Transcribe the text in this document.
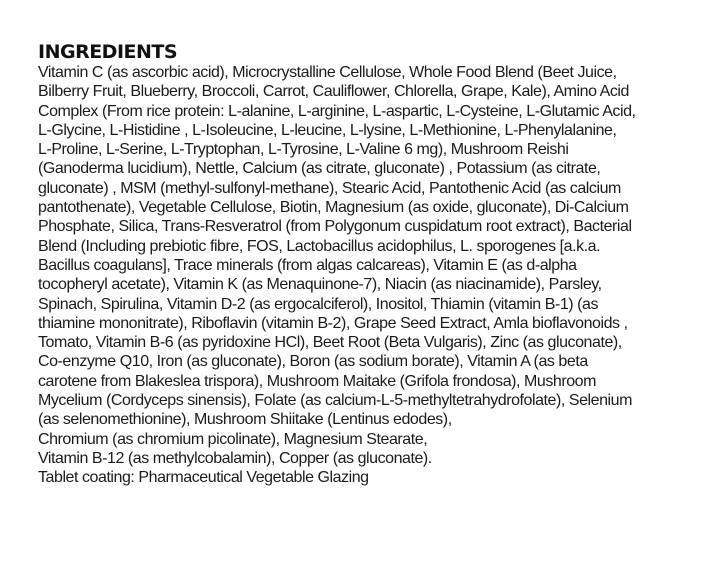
INGREDIENTS
Vitamin C (as ascorbic acid), Microcrystalline Cellulose, Whole Food Blend (Beet Juice,
Bilberry Fruit, Blueberry, Broccoli, Carrot, Cauliflower, Chlorella, Grape, Kale), Amino Acid
Complex (From rice protein: L-alanine, L-arginine, L-aspartic, L-Cysteine, L-Glutamic Acid,
L-Glycine, L-Histidine , L-Isoleucine, L-leucine, L-lysine, L-Methionine, L-Phenylalanine,
L-Proline, L-Serine, L-Tryptophan, L-Tyrosine, L-Valine 6 mg), Mushroom Reishi
(Ganoderma lucidium), Nettle, Calcium (as citrate, gluconate) , Potassium (as citrate,
gluconate) , MSM (methyl-sulfonyl-methane), Stearic Acid, Pantothenic Acid (as calcium
pantothenate), Vegetable Cellulose, Biotin, Magnesium (as oxide, gluconate), Di-Calcium
Phosphate, Silica, Trans-Resveratrol (from Polygonum cuspidatum root extract), Bacterial
Blend (Including prebiotic fibre, FOS, Lactobacillus acidophilus, L. sporogenes [a.k.a.
Bacillus coagulans], Trace minerals (from algas calcareas), Vitamin E (as d-alpha
tocopheryl acetate), Vitamin K (as Menaquinone-7), Niacin (as niacinamide), Parsley,
Spinach, Spirulina, Vitamin D-2 (as ergocalciferol), Inositol, Thiamin (vitamin B-1) (as
thiamine mononitrate), Riboflavin (vitamin B-2), Grape Seed Extract, Amla bioflavonoids ,
Tomato, Vitamin B-6 (as pyridoxine HCl), Beet Root (Beta Vulgaris), Zinc (as gluconate),
Co-enzyme Q10, Iron (as gluconate), Boron (as sodium borate), Vitamin A (as beta
carotene from Blakeslea trispora), Mushroom Maitake (Grifola frondosa), Mushroom
Mycelium (Cordyceps sinensis), Folate (as calcium-L-5-methyltetrahydrofolate), Selenium
(as selenomethionine), Mushroom Shiitake (Lentinus edodes),
Chromium (as chromium picolinate), Magnesium Stearate,
Vitamin B-12 (as methylcobalamin), Copper (as gluconate).
Tablet coating: Pharmaceutical Vegetable Glazing
